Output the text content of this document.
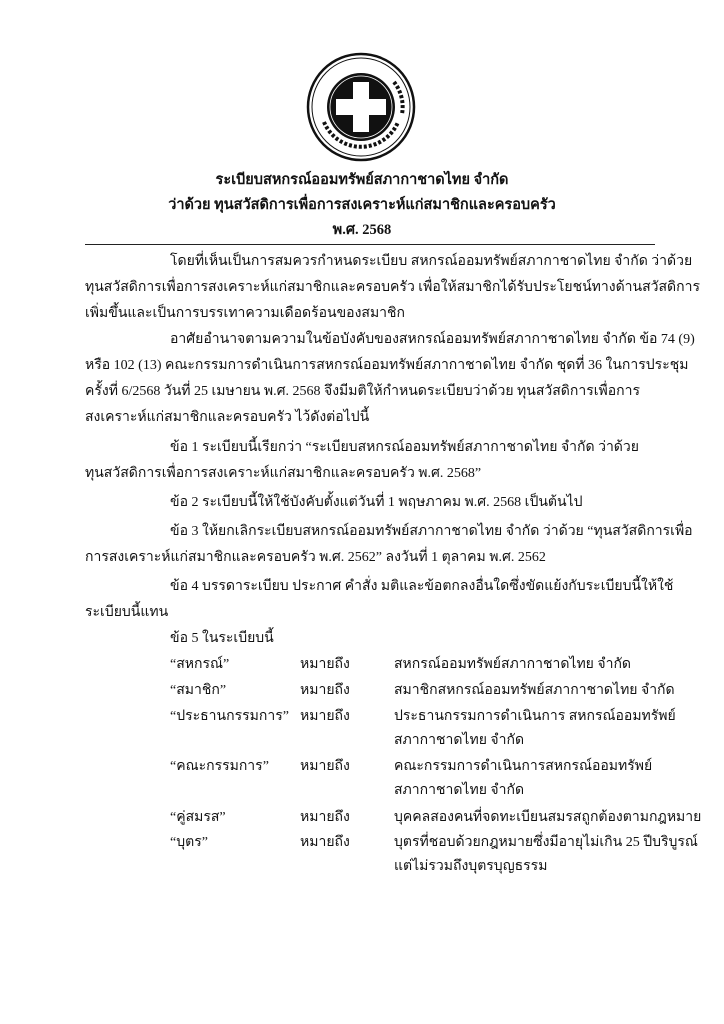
ระเบียบสหกรณ์ออมทรัพย์สภากาชาดไทย จำกัด
ว่าด้วย ทุนสวัสดิการเพื่อการสงเคราะห์แก่สมาชิกและครอบครัว
พ.ศ. 2568
โดยที่เห็นเป็นการสมควรกำหนดระเบียบ สหกรณ์ออมทรัพย์สภากาชาดไทย จำกัด ว่าด้วย
ทุนสวัสดิการเพื่อการสงเคราะห์แก่สมาชิกและครอบครัว เพื่อให้สมาชิกได้รับประโยชน์ทางด้านสวัสดิการ
เพิ่มขึ้นและเป็นการบรรเทาความเดือดร้อนของสมาชิก
อาศัยอำนาจตามความในข้อบังคับของสหกรณ์ออมทรัพย์สภากาชาดไทย จำกัด ข้อ 74 (9)
หรือ 102 (13) คณะกรรมการดำเนินการสหกรณ์ออมทรัพย์สภากาชาดไทย จำกัด ชุดที่ 36 ในการประชุม
ครั้งที่ 6/2568 วันที่ 25 เมษายน พ.ศ. 2568 จึงมีมติให้กำหนดระเบียบว่าด้วย ทุนสวัสดิการเพื่อการ
สงเคราะห์แก่สมาชิกและครอบครัว ไว้ดังต่อไปนี้
ข้อ 1 ระเบียบนี้เรียกว่า “ระเบียบสหกรณ์ออมทรัพย์สภากาชาดไทย จำกัด ว่าด้วย
ทุนสวัสดิการเพื่อการสงเคราะห์แก่สมาชิกและครอบครัว พ.ศ. 2568”
ข้อ 2 ระเบียบนี้ให้ใช้บังคับตั้งแต่วันที่ 1 พฤษภาคม พ.ศ. 2568 เป็นต้นไป
ข้อ 3 ให้ยกเลิกระเบียบสหกรณ์ออมทรัพย์สภากาชาดไทย จำกัด ว่าด้วย “ทุนสวัสดิการเพื่อ
การสงเคราะห์แก่สมาชิกและครอบครัว พ.ศ. 2562” ลงวันที่ 1 ตุลาคม พ.ศ. 2562
ข้อ 4 บรรดาระเบียบ ประกาศ คำสั่ง มติและข้อตกลงอื่นใดซึ่งขัดแย้งกับระเบียบนี้ให้ใช้
ระเบียบนี้แทน
ข้อ 5 ในระเบียบนี้
“สหกรณ์”	หมายถึง	สหกรณ์ออมทรัพย์สภากาชาดไทย จำกัด
“สมาชิก”	หมายถึง	สมาชิกสหกรณ์ออมทรัพย์สภากาชาดไทย จำกัด
“ประธานกรรมการ” หมายถึง	ประธานกรรมการดำเนินการ สหกรณ์ออมทรัพย์
สภากาชาดไทย จำกัด
“คณะกรรมการ” หมายถึง	คณะกรรมการดำเนินการสหกรณ์ออมทรัพย์
สภากาชาดไทย จำกัด
“คู่สมรส”	หมายถึง	บุคคลสองคนที่จดทะเบียนสมรสถูกต้องตามกฎหมาย
“บุตร”	หมายถึง	บุตรที่ชอบด้วยกฎหมายซึ่งมีอายุไม่เกิน 25 ปีบริบูรณ์
แต่ไม่รวมถึงบุตรบุญธรรม
